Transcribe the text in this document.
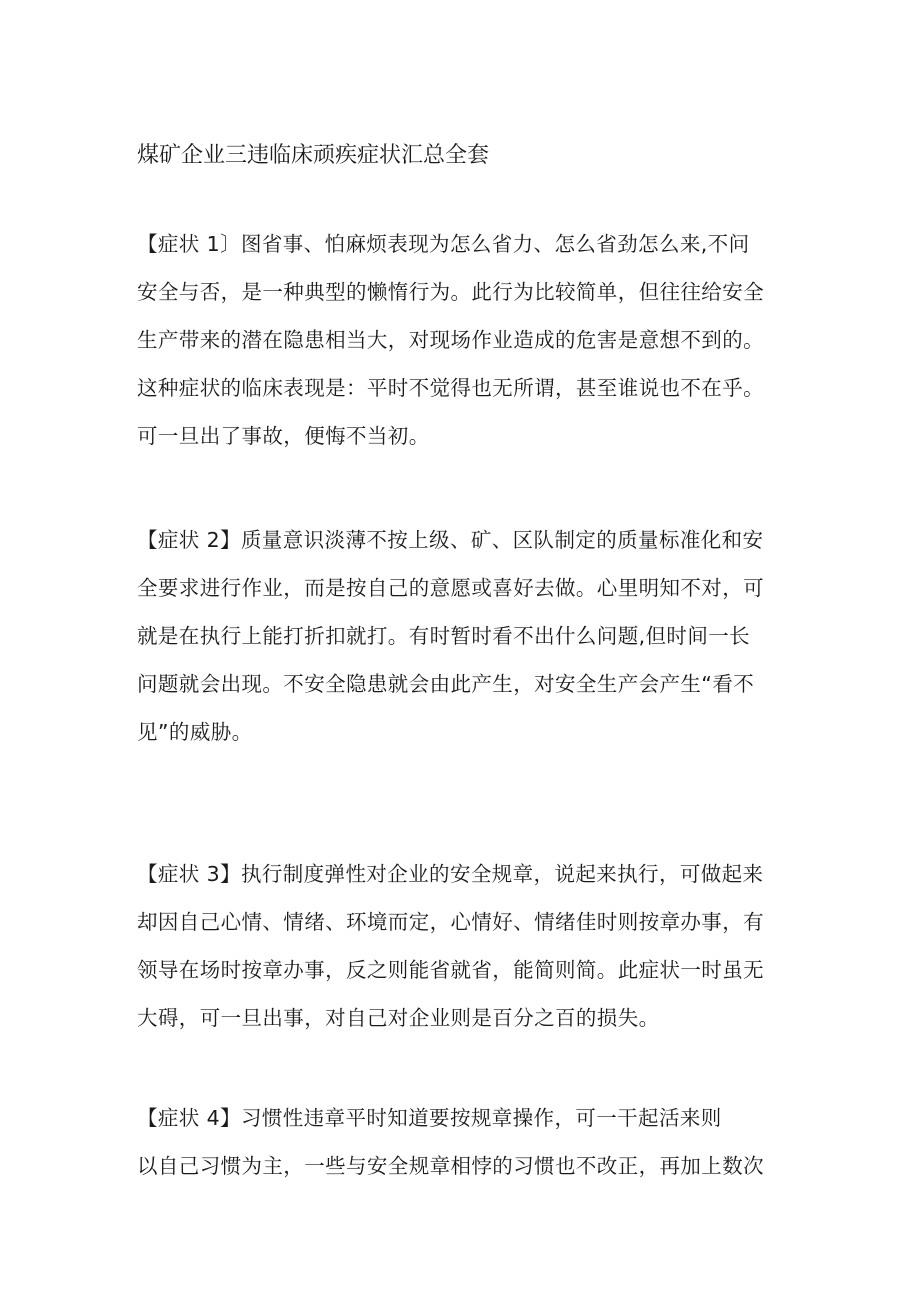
煤矿企业三违临床顽疾症状汇总全套
【症状 1〕图省事、怕麻烦表现为怎么省力、怎么省劲怎么来,不问
安全与否，是一种典型的懒惰行为。此行为比较简单，但往往给安全
生产带来的潜在隐患相当大，对现场作业造成的危害是意想不到的。
这种症状的临床表现是：平时不觉得也无所谓，甚至谁说也不在乎。
可一旦出了事故，便悔不当初。
【症状 2】质量意识淡薄不按上级、矿、区队制定的质量标准化和安
全要求进行作业，而是按自己的意愿或喜好去做。心里明知不对，可
就是在执行上能打折扣就打。有时暂时看不出什么问题,但时间一长
问题就会出现。不安全隐患就会由此产生，对安全生产会产生“看不
见”的威胁。
【症状 3】执行制度弹性对企业的安全规章，说起来执行，可做起来
却因自己心情、情绪、环境而定，心情好、情绪佳时则按章办事，有
领导在场时按章办事，反之则能省就省，能简则简。此症状一时虽无
大碍，可一旦出事，对自己对企业则是百分之百的损失。
【症状 4】习惯性违章平时知道要按规章操作，可一干起活来则
以自己习惯为主，一些与安全规章相悖的习惯也不改正，再加上数次
